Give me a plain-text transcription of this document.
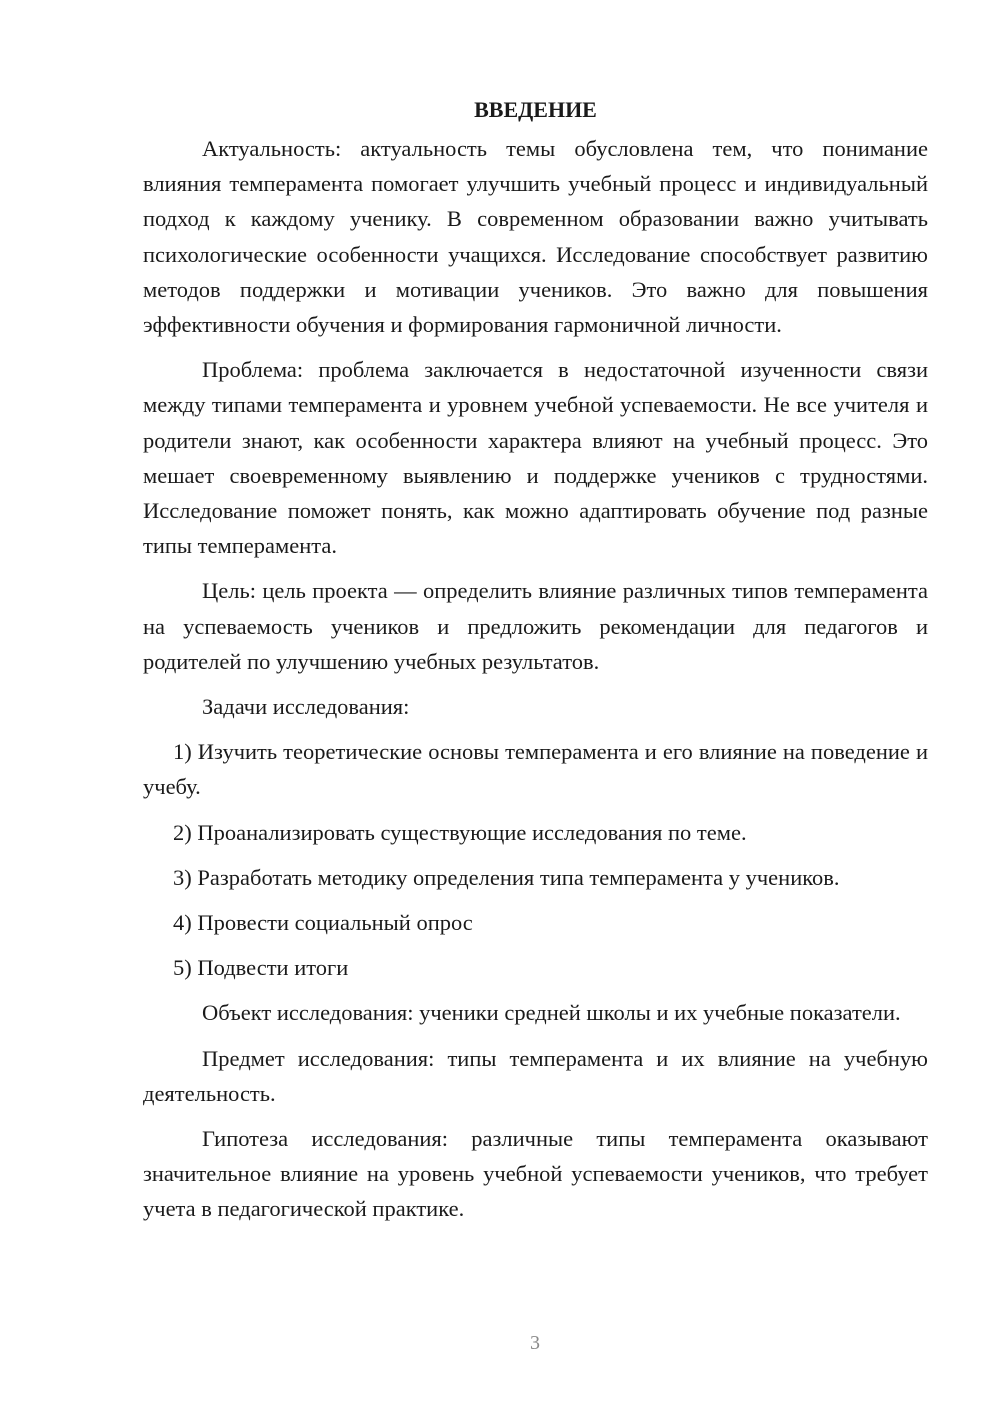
ВВЕДЕНИЕ

Актуальность: актуальность темы обусловлена тем, что понимание влияния темперамента помогает улучшить учебный процесс и индивидуальный подход к каждому ученику. В современном образовании важно учитывать психологические особенности учащихся. Исследование способствует развитию методов поддержки и мотивации учеников. Это важно для повышения эффективности обучения и формирования гармоничной личности.

Проблема: проблема заключается в недостаточной изученности связи между типами темперамента и уровнем учебной успеваемости. Не все учителя и родители знают, как особенности характера влияют на учебный процесс. Это мешает своевременному выявлению и поддержке учеников с трудностями. Исследование поможет понять, как можно адаптировать обучение под разные типы темперамента.

Цель: цель проекта — определить влияние различных типов темперамента на успеваемость учеников и предложить рекомендации для педагогов и родителей по улучшению учебных результатов.

Задачи исследования:

1) Изучить теоретические основы темперамента и его влияние на поведение и учебу.

2) Проанализировать существующие исследования по теме.

3) Разработать методику определения типа темперамента у учеников.

4) Провести социальный опрос

5) Подвести итоги

Объект исследования: ученики средней школы и их учебные показатели.

Предмет исследования: типы темперамента и их влияние на учебную деятельность.

Гипотеза исследования: различные типы темперамента оказывают значительное влияние на уровень учебной успеваемости учеников, что требует учета в педагогической практике.

3
